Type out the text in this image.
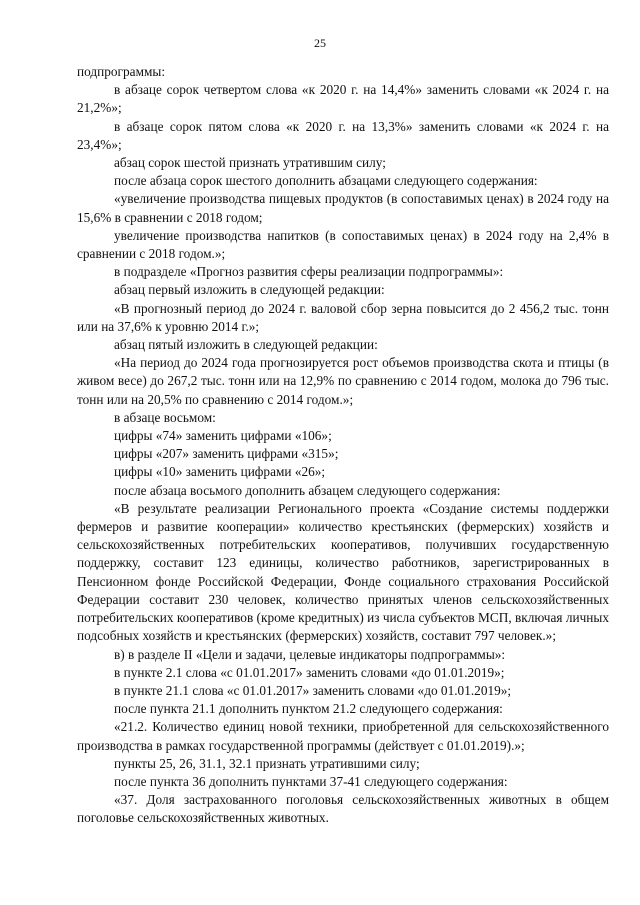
25

подпрограммы:

в абзаце сорок четвертом слова «к 2020 г. на 14,4%» заменить словами «к 2024 г. на 21,2%»;

в абзаце сорок пятом слова «к 2020 г. на 13,3%» заменить словами «к 2024 г. на 23,4%»;

абзац сорок шестой признать утратившим силу;

после абзаца сорок шестого дополнить абзацами следующего содержания:

«увеличение производства пищевых продуктов (в сопоставимых ценах) в 2024 году на 15,6% в сравнении с 2018 годом;

увеличение производства напитков (в сопоставимых ценах) в 2024 году на 2,4% в сравнении с 2018 годом.»;

в подразделе «Прогноз развития сферы реализации подпрограммы»:

абзац первый изложить в следующей редакции:

«В прогнозный период до 2024 г. валовой сбор зерна повысится до 2 456,2 тыс. тонн или на 37,6% к уровню 2014 г.»;

абзац пятый изложить в следующей редакции:

«На период до 2024 года прогнозируется рост объемов производства скота и птицы (в живом весе) до 267,2 тыс. тонн или на 12,9% по сравнению с 2014 годом, молока до 796 тыс. тонн или на 20,5% по сравнению с 2014 годом.»;

в абзаце восьмом:

цифры «74» заменить цифрами «106»;

цифры «207» заменить цифрами «315»;

цифры «10» заменить цифрами «26»;

после абзаца восьмого дополнить абзацем следующего содержания:

«В результате реализации Регионального проекта «Создание системы поддержки фермеров и развитие кооперации» количество крестьянских (фермерских) хозяйств и сельскохозяйственных потребительских кооперативов, получивших государственную поддержку, составит 123 единицы, количество работников, зарегистрированных в Пенсионном фонде Российской Федерации, Фонде социального страхования Российской Федерации составит 230 человек, количество принятых членов сельскохозяйственных потребительских кооперативов (кроме кредитных) из числа субъектов МСП, включая личных подсобных хозяйств и крестьянских (фермерских) хозяйств, составит 797 человек.»;

в) в разделе II «Цели и задачи, целевые индикаторы подпрограммы»:

в пункте 2.1 слова «с 01.01.2017» заменить словами «до 01.01.2019»;

в пункте 21.1 слова «с 01.01.2017» заменить словами «до 01.01.2019»;

после пункта 21.1 дополнить пунктом 21.2 следующего содержания:

«21.2. Количество единиц новой техники, приобретенной для сельскохозяйственного производства в рамках государственной программы (действует с 01.01.2019).»;

пункты 25, 26, 31.1, 32.1 признать утратившими силу;

после пункта 36 дополнить пунктами 37-41 следующего содержания:

«37. Доля застрахованного поголовья сельскохозяйственных животных в общем поголовье сельскохозяйственных животных.
